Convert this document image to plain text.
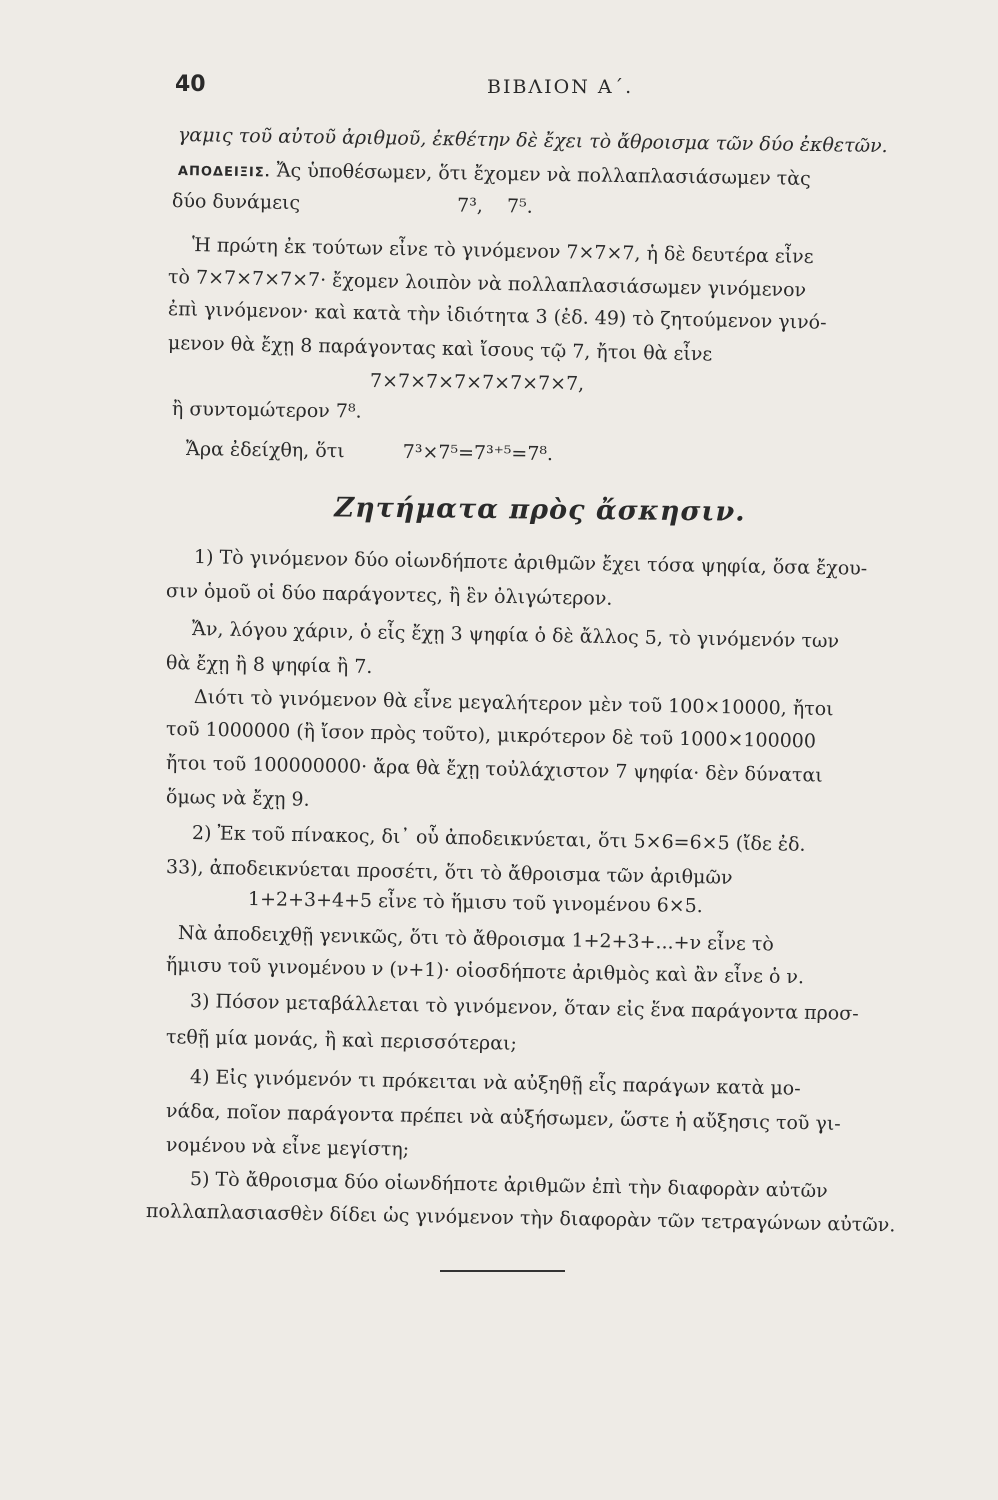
40	ΒΙΒΛΙΟΝ Α΄.
γαμις τοῦ αὐτοῦ ἀριθμοῦ, ἐκθέτην δὲ ἔχει τὸ ἄθροισμα τῶν δύο ἐκθετῶν.
ΑΠΟΔΕΙΞΙΣ. Ἄς ὑποθέσωμεν, ὅτι ἔχομεν νὰ πολλαπλασιάσωμεν τὰς
δύο δυνάμεις                          7³,    7⁵.
Ἡ πρώτη ἐκ τούτων εἶνε τὸ γινόμενον 7×7×7, ἡ δὲ δευτέρα εἶνε
τὸ 7×7×7×7×7· ἔχομεν λοιπὸν νὰ πολλαπλασιάσωμεν γινόμενον
ἐπὶ γινόμενον· καὶ κατὰ τὴν ἰδιότητα 3 (ἐδ. 49) τὸ ζητούμενον γινό-
μενον θὰ ἔχῃ 8 παράγοντας καὶ ἴσους τῷ 7, ἤτοι θὰ εἶνε
7×7×7×7×7×7×7×7,
ἢ συντομώτερον 7⁸.
Ἄρα ἐδείχθη, ὅτι	7³×7⁵=7³⁺⁵=7⁸.
Ζητήματα πρὸς ἄσκησιν.
1) Τὸ γινόμενον δύο οἱωνδήποτε ἀριθμῶν ἔχει τόσα ψηφία, ὅσα ἔχου-
σιν ὁμοῦ οἱ δύο παράγοντες, ἢ ἓν ὀλιγώτερον.
Ἄν, λόγου χάριν, ὁ εἷς ἔχῃ 3 ψηφία ὁ δὲ ἄλλος 5, τὸ γινόμενόν των
θὰ ἔχῃ ἢ 8 ψηφία ἢ 7.
Διότι τὸ γινόμενον θὰ εἶνε μεγαλήτερον μὲν τοῦ 100×10000, ἤτοι
τοῦ 1000000 (ἢ ἴσον πρὸς τοῦτο), μικρότερον δὲ τοῦ 1000×100000
ἤτοι τοῦ 100000000· ἄρα θὰ ἔχῃ τοὐλάχιστον 7 ψηφία· δὲν δύναται
ὅμως νὰ ἔχῃ 9.
2) Ἐκ τοῦ πίνακος, δι᾽ οὗ ἀποδεικνύεται, ὅτι 5×6=6×5 (ἴδε ἐδ.
33), ἀποδεικνύεται προσέτι, ὅτι τὸ ἄθροισμα τῶν ἀριθμῶν
1+2+3+4+5 εἶνε τὸ ἥμισυ τοῦ γινομένου 6×5.
Νὰ ἀποδειχθῇ γενικῶς, ὅτι τὸ ἄθροισμα 1+2+3+...+ν εἶνε τὸ
ἥμισυ τοῦ γινομένου ν (ν+1)· οἱοσδήποτε ἀριθμὸς καὶ ἂν εἶνε ὁ ν.
3) Πόσον μεταβάλλεται τὸ γινόμενον, ὅταν εἰς ἕνα παράγοντα προσ-
τεθῇ μία μονάς, ἢ καὶ περισσότεραι;
4) Εἰς γινόμενόν τι πρόκειται νὰ αὐξηθῇ εἷς παράγων κατὰ μο-
νάδα, ποῖον παράγοντα πρέπει νὰ αὐξήσωμεν, ὥστε ἡ αὔξησις τοῦ γι-
νομένου νὰ εἶνε μεγίστη;
5) Τὸ ἄθροισμα δύο οἱωνδήποτε ἀριθμῶν ἐπὶ τὴν διαφορὰν αὐτῶν
πολλαπλασιασθὲν δίδει ὡς γινόμενον τὴν διαφορὰν τῶν τετραγώνων αὐτῶν.
